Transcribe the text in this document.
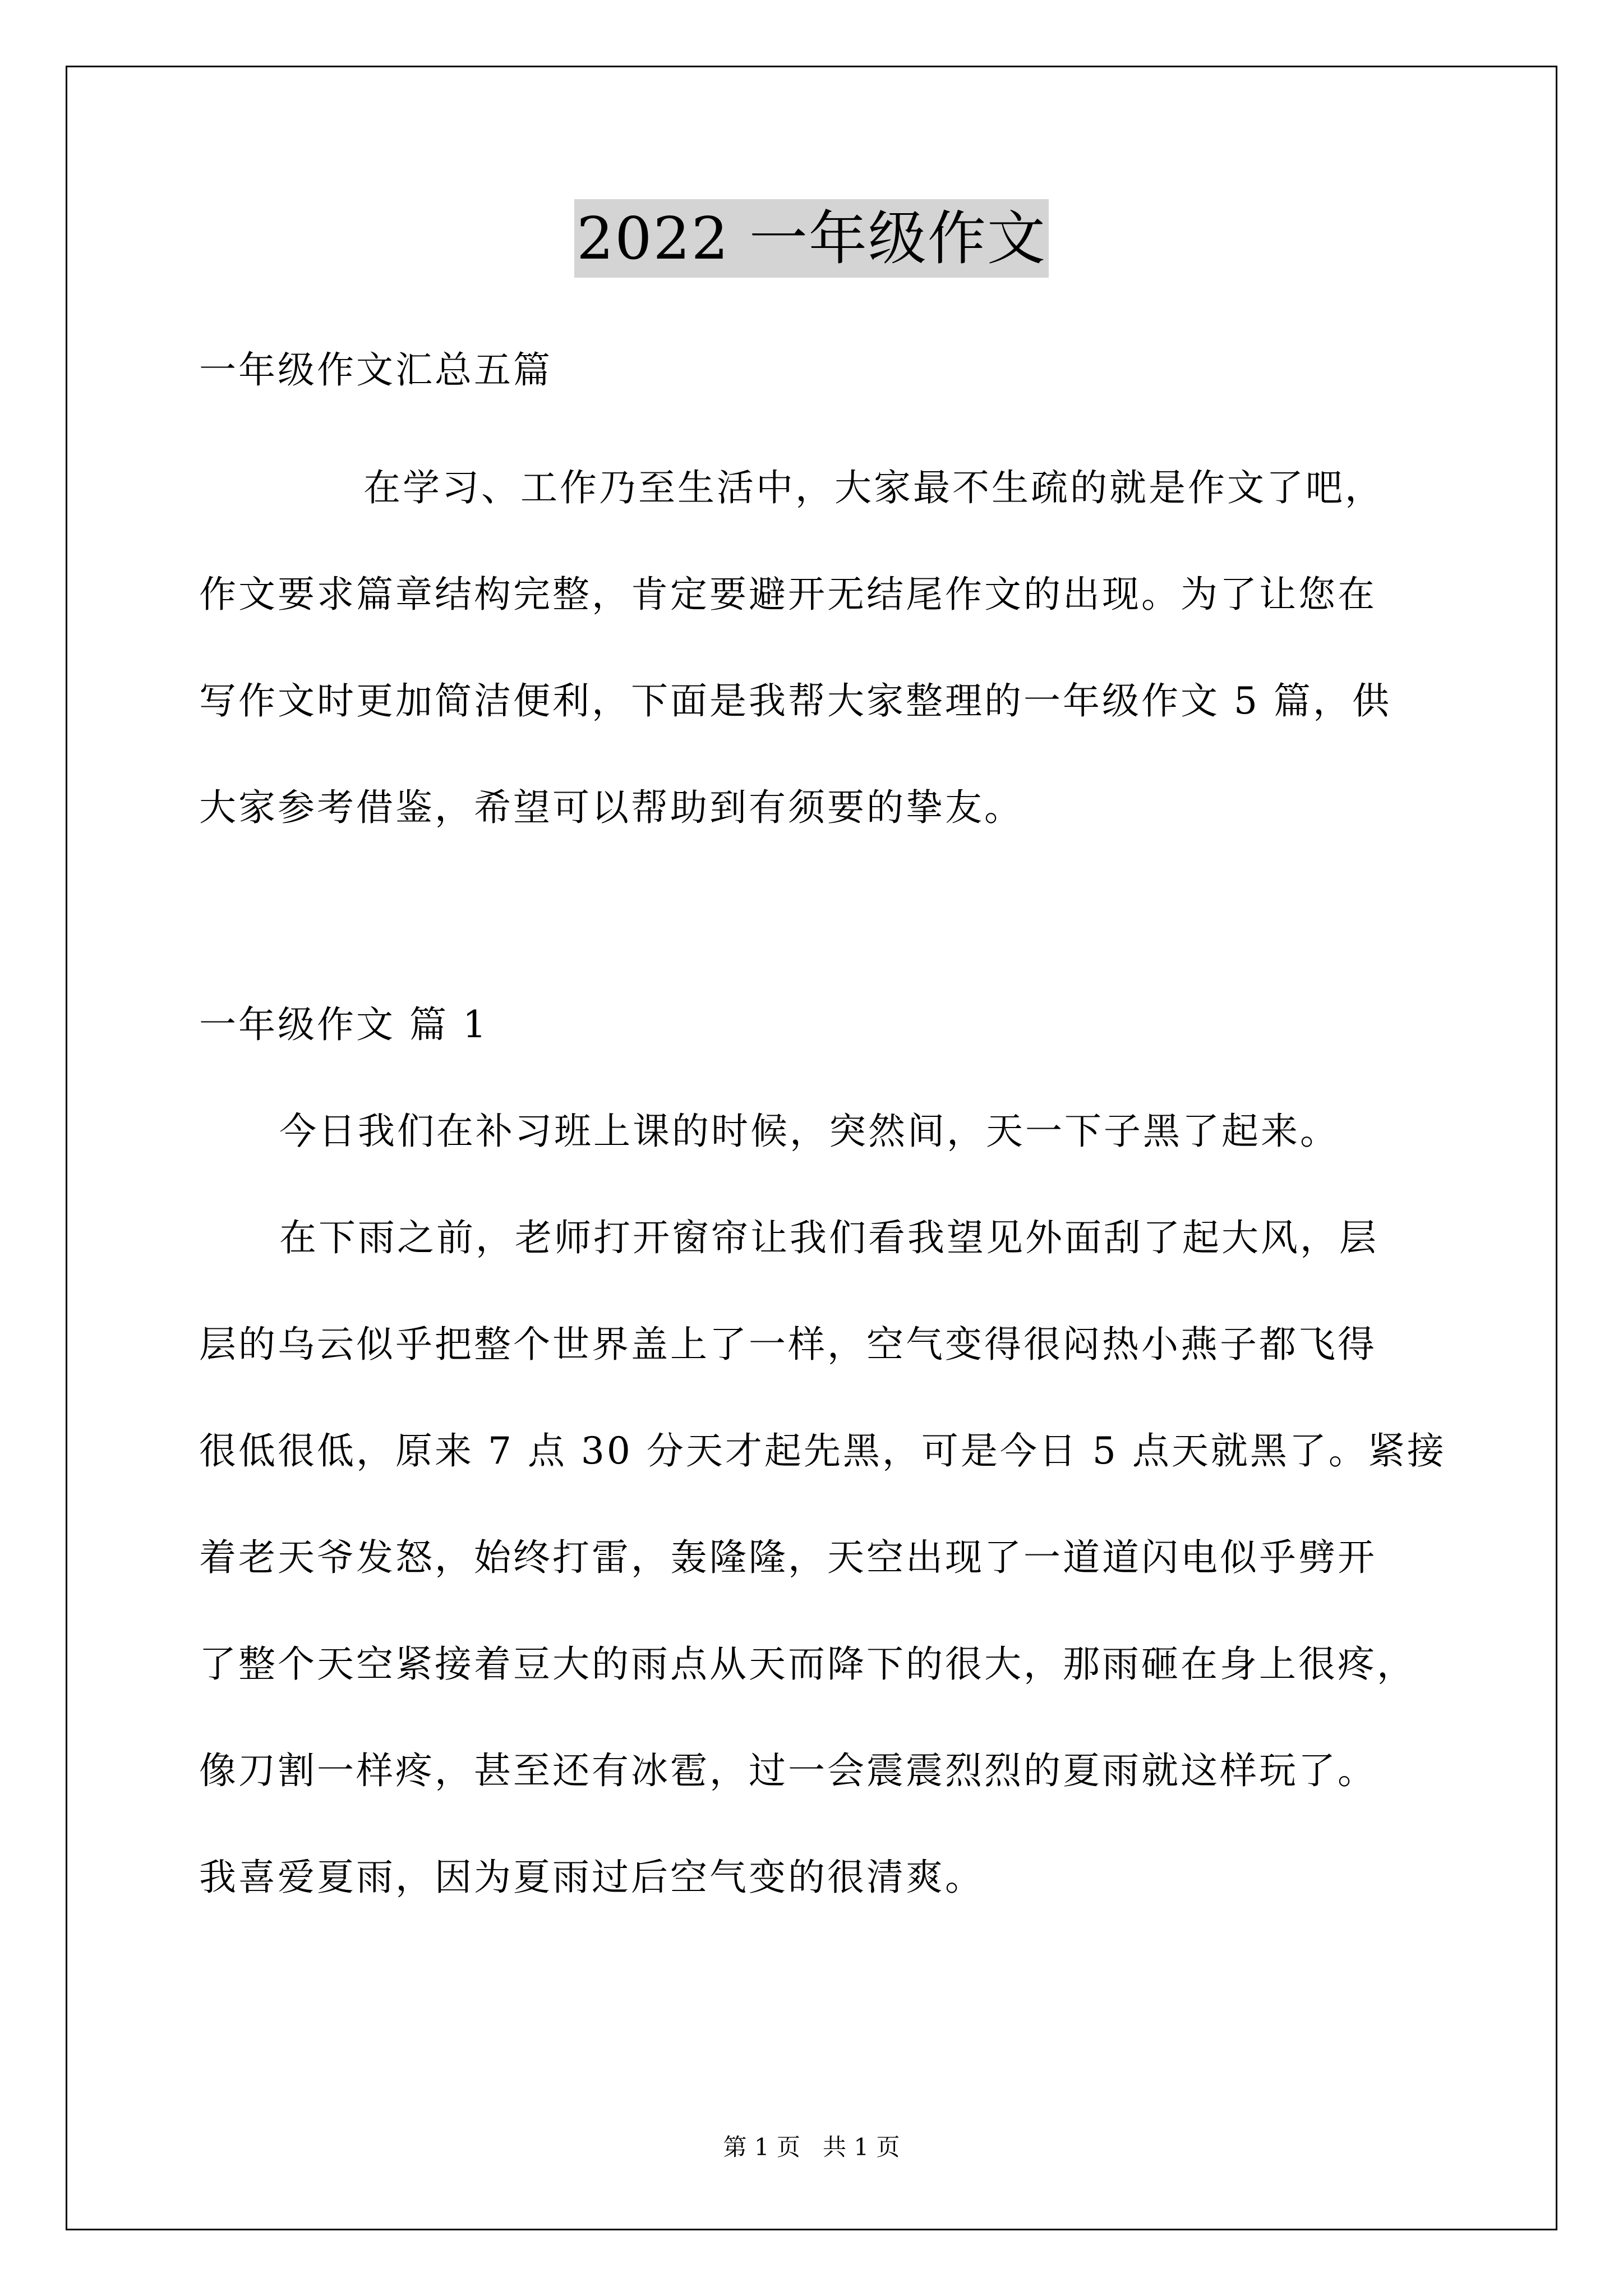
2022 一年级作文
一年级作文汇总五篇
在学习、工作乃至生活中，大家最不生疏的就是作文了吧，
作文要求篇章结构完整，肯定要避开无结尾作文的出现。为了让您在
写作文时更加简洁便利，下面是我帮大家整理的一年级作文 5 篇，供
大家参考借鉴，希望可以帮助到有须要的挚友。
一年级作文 篇 1
今日我们在补习班上课的时候，突然间，天一下子黑了起来。
在下雨之前，老师打开窗帘让我们看我望见外面刮了起大风，层
层的乌云似乎把整个世界盖上了一样，空气变得很闷热小燕子都飞得
很低很低，原来 7 点 30 分天才起先黑，可是今日 5 点天就黑了。紧接
着老天爷发怒，始终打雷，轰隆隆，天空出现了一道道闪电似乎劈开
了整个天空紧接着豆大的雨点从天而降下的很大，那雨砸在身上很疼，
像刀割一样疼，甚至还有冰雹，过一会震震烈烈的夏雨就这样玩了。
我喜爱夏雨，因为夏雨过后空气变的很清爽。
第 1 页   共 1 页
